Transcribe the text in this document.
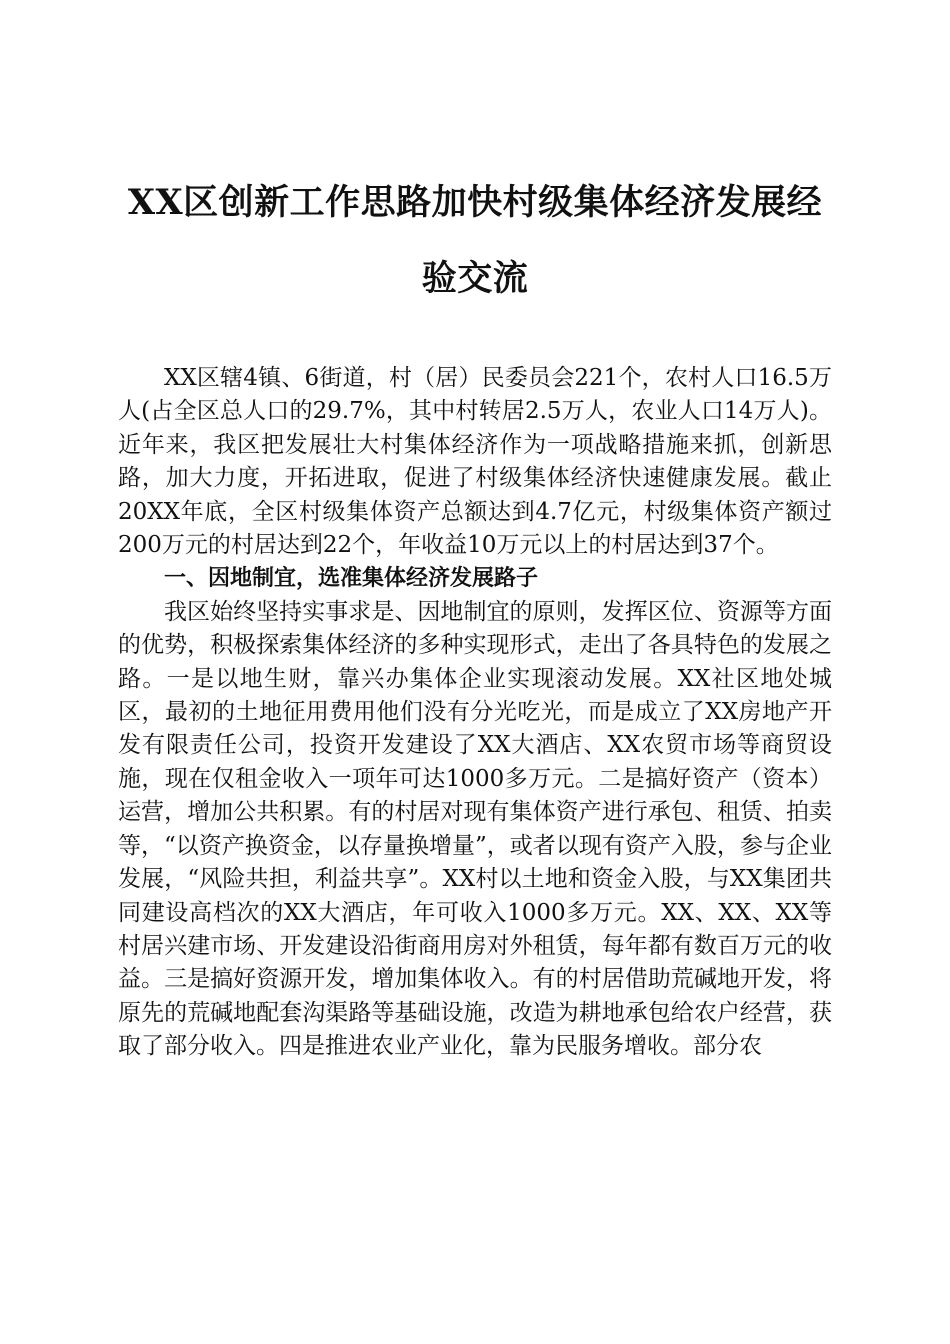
XX区创新工作思路加快村级集体经济发展经
验交流

XX区辖4镇、6街道，村（居）民委员会221个，农村人口16.5万人(占全区总人口的29.7%，其中村转居2.5万人，农业人口14万人)。近年来，我区把发展壮大村集体经济作为一项战略措施来抓，创新思路，加大力度，开拓进取，促进了村级集体经济快速健康发展。截止20XX年底，全区村级集体资产总额达到4.7亿元，村级集体资产额过200万元的村居达到22个，年收益10万元以上的村居达到37个。

一、因地制宜，选准集体经济发展路子

我区始终坚持实事求是、因地制宜的原则，发挥区位、资源等方面的优势，积极探索集体经济的多种实现形式，走出了各具特色的发展之路。一是以地生财，靠兴办集体企业实现滚动发展。XX社区地处城区，最初的土地征用费用他们没有分光吃光，而是成立了XX房地产开发有限责任公司，投资开发建设了XX大酒店、XX农贸市场等商贸设施，现在仅租金收入一项年可达1000多万元。二是搞好资产（资本）运营，增加公共积累。有的村居对现有集体资产进行承包、租赁、拍卖等，“以资产换资金，以存量换增量”，或者以现有资产入股，参与企业发展，“风险共担，利益共享”。XX村以土地和资金入股，与XX集团共同建设高档次的XX大酒店，年可收入1000多万元。XX、XX、XX等村居兴建市场、开发建设沿街商用房对外租赁，每年都有数百万元的收益。三是搞好资源开发，增加集体收入。有的村居借助荒碱地开发，将原先的荒碱地配套沟渠路等基础设施，改造为耕地承包给农户经营，获取了部分收入。四是推进农业产业化，靠为民服务增收。部分农
